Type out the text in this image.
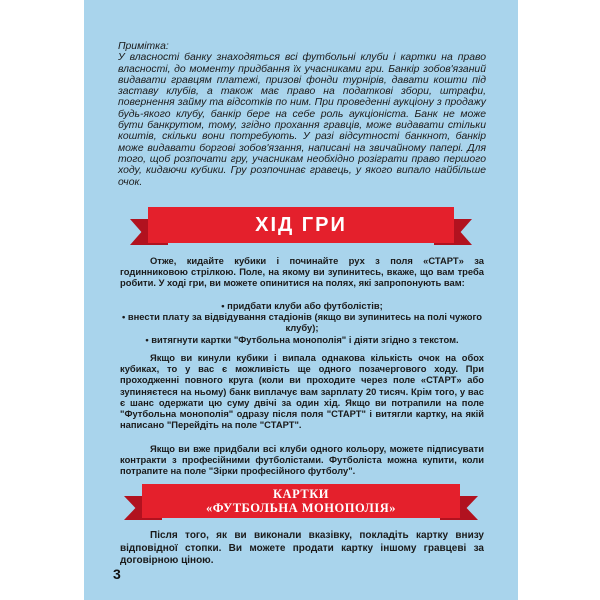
Примітка:
У власності банку знаходяться всі футбольні клуби і картки на право власності, до моменту придбання їх учасниками гри. Банкір зобов'язаний видавати гравцям платежі, призові фонди турнірів, давати кошти під заставу клубів, а також має право на податкові збори, штрафи, повернення займу та відсотків по ним. При проведенні аукціону з продажу будь-якого клубу, банкір бере на себе роль аукціоніста. Банк не може бути банкрутом, тому, згідно прохання гравців, може видавати стільки коштів, скільки вони потребують. У разі відсутності банкнот, банкір може видавати боргові зобов'язання, написані на звичайному папері. Для того, щоб розпочати гру, учасникам необхідно розіграти право першого ходу, кидаючи кубики. Гру розпочинає гравець, у якого випало найбільше очок.
ХІД ГРИ
Отже, кидайте кубики і починайте рух з поля «СТАРТ» за годинниковою стрілкою. Поле, на якому ви зупинитесь, вкаже, що вам треба робити. У ході гри, ви можете опинитися на полях, які запропонують вам:
• придбати клуби або футболістів;
• внести плату за відвідування стадіонів (якщо ви зупинитесь на полі чужого клубу);
• витягнути картки "Футбольна монополія" і діяти згідно з текстом.
Якщо ви кинули кубики і випала однакова кількість очок на обох кубиках, то у вас є можливість ще одного позачергового ходу. При проходженні повного круга (коли ви проходите через поле «СТАРТ» або зупиняєтеся на ньому) банк виплачує вам зарплату 20 тисяч. Крім того, у вас є шанс одержати цю суму двічі за один хід. Якщо ви потрапили на поле "Футбольна монополія" одразу після поля "СТАРТ" і витягли картку, на якій написано "Перейдіть на поле "СТАРТ".
Якщо ви вже придбали всі клуби одного кольору, можете підписувати контракти з професійними футболістами. Футболіста можна купити, коли потрапите на поле "Зірки професійного футболу".
КАРТКИ
«ФУТБОЛЬНА МОНОПОЛІЯ»
Після того, як ви виконали вказівку, покладіть картку внизу відповідної стопки. Ви можете продати картку іншому гравцеві за договірною ціною.
3
